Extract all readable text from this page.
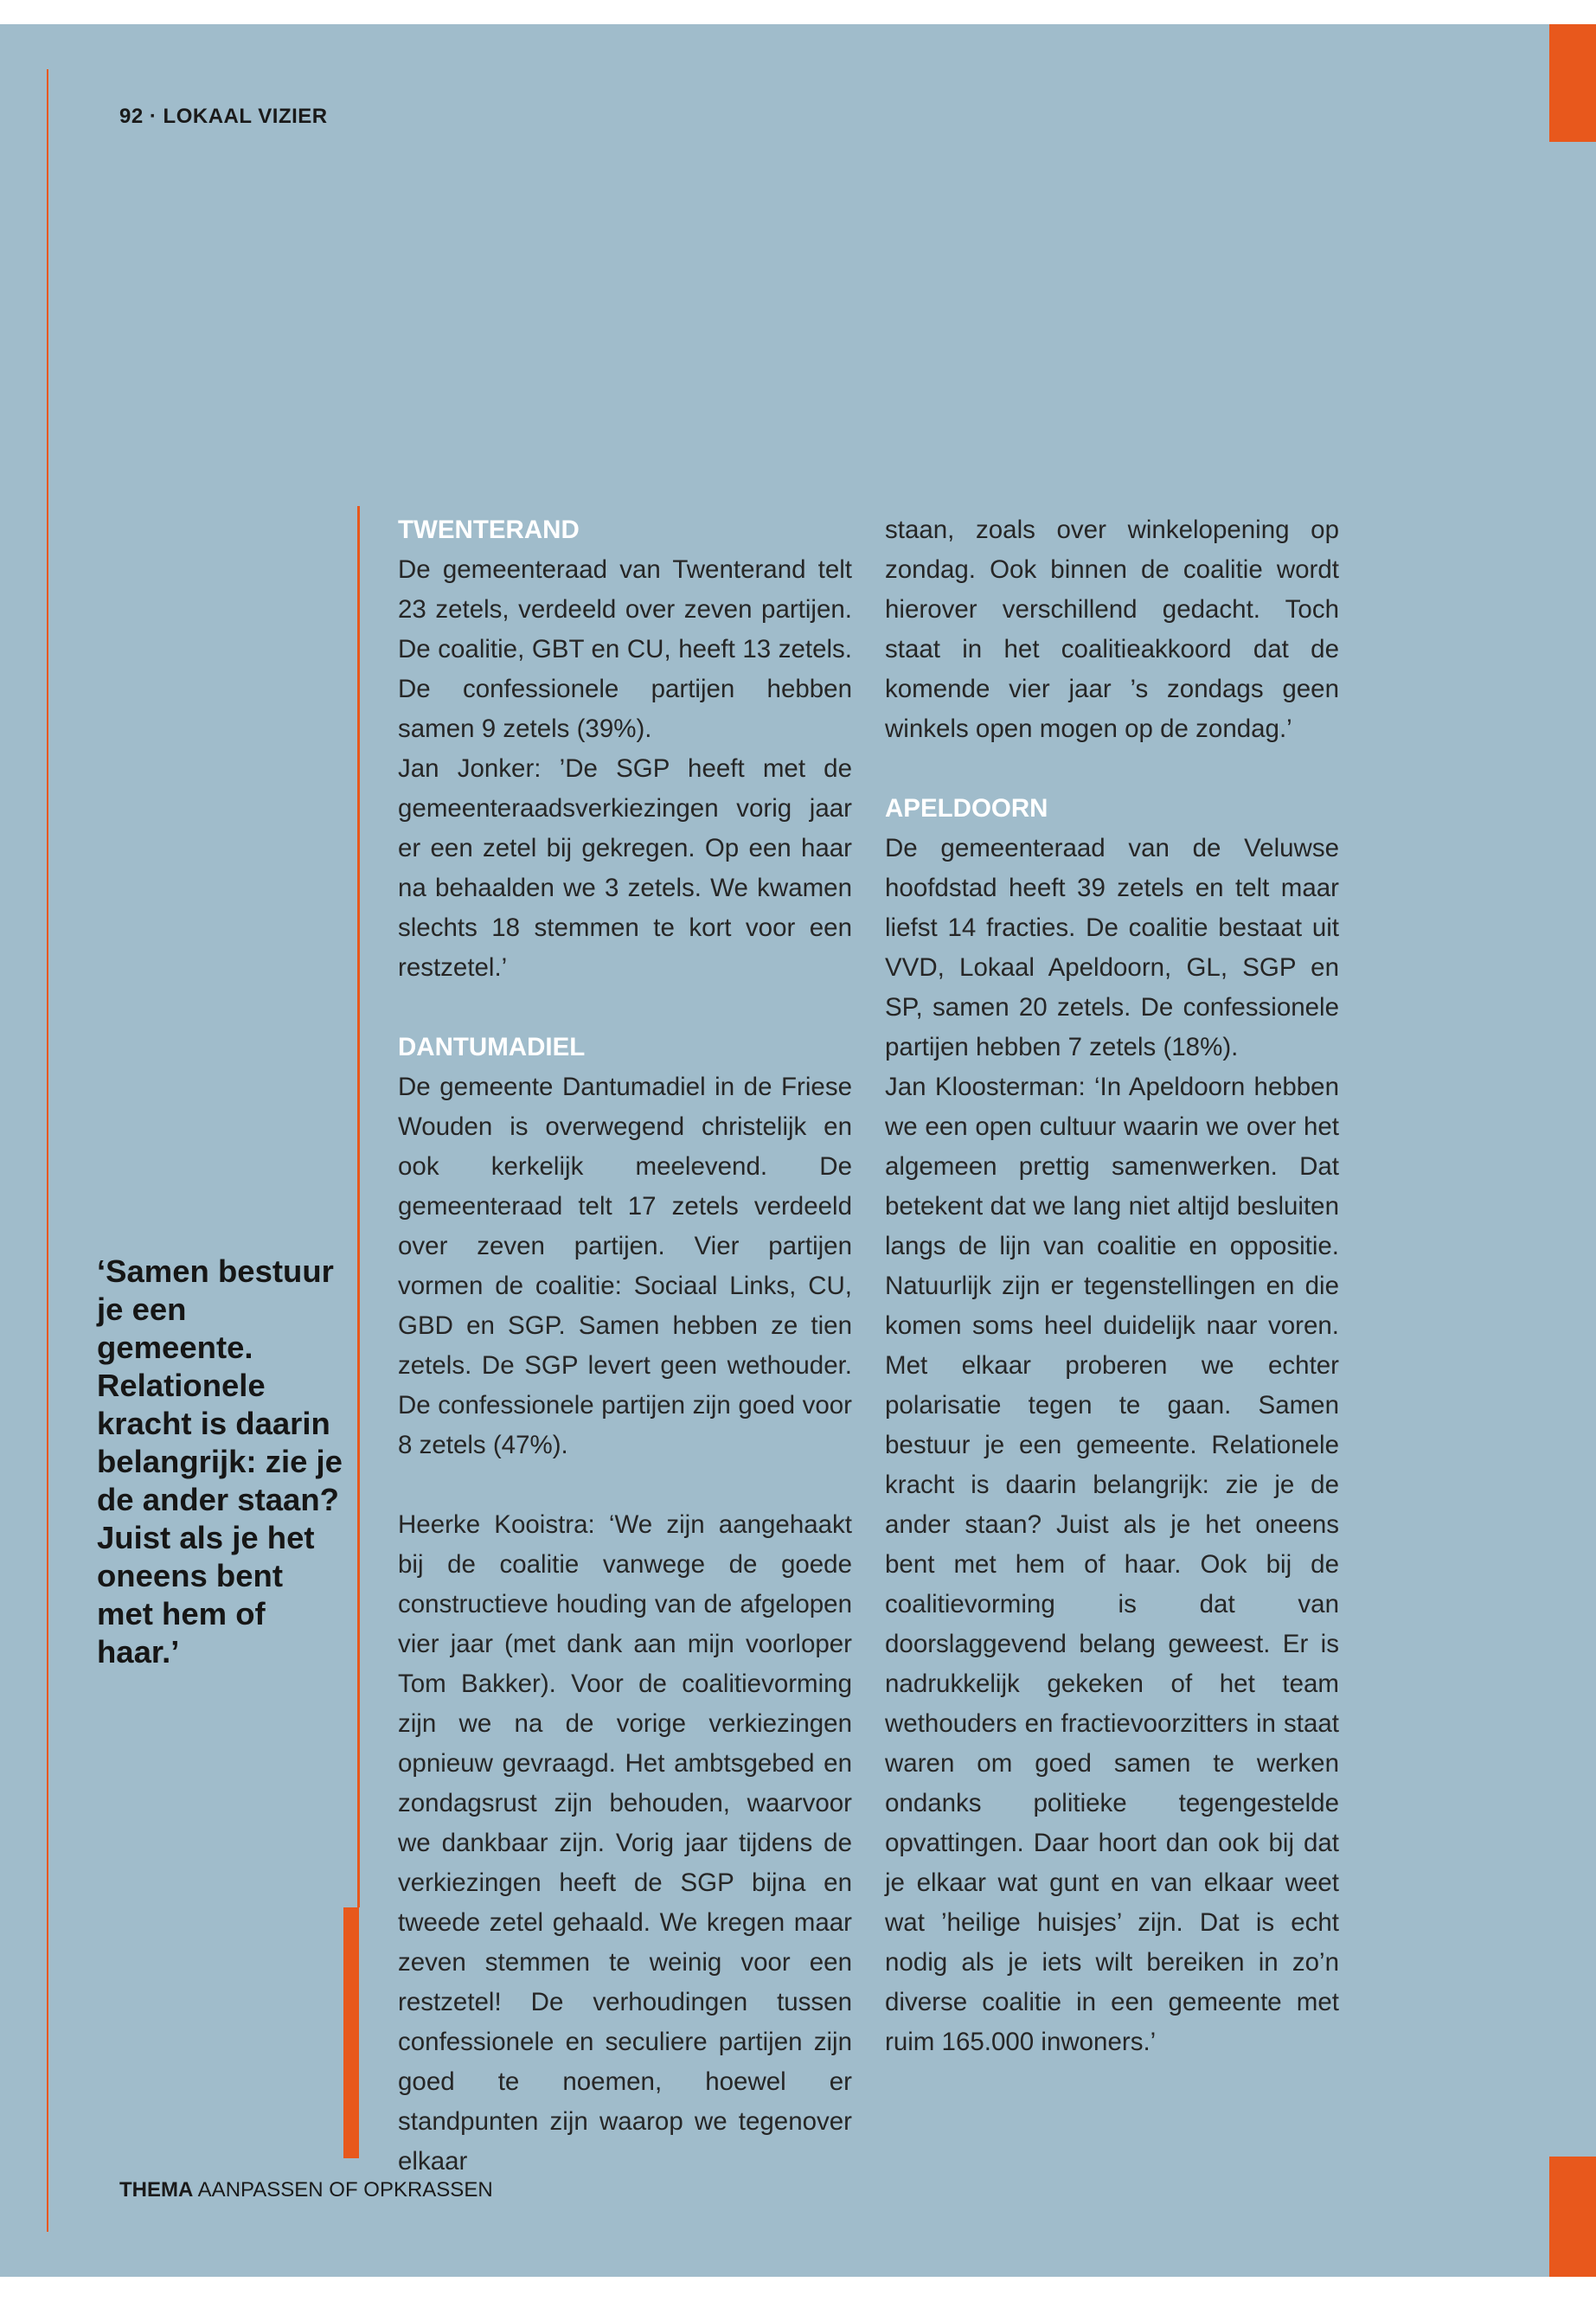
92 · LOKAAL VIZIER
‘Samen bestuur je een gemeente. Relationele kracht is daarin belangrijk: zie je de ander staan? Juist als je het oneens bent met hem of haar.’
TWENTERAND

De gemeenteraad van Twenterand telt 23 zetels, verdeeld over zeven partijen. De coalitie, GBT en CU, heeft 13 zetels. De confessionele partijen hebben samen 9 zetels (39%).

Jan Jonker: ’De SGP heeft met de gemeenteraadsverkiezingen vorig jaar er een zetel bij gekregen. Op een haar na behaalden we 3 zetels. We kwamen slechts 18 stemmen te kort voor een restzetel.’

DANTUMADIEL

De gemeente Dantumadiel in de Friese Wouden is overwegend christelijk en ook kerkelijk meelevend. De gemeenteraad telt 17 zetels verdeeld over zeven partijen. Vier partijen vormen de coalitie: Sociaal Links, CU, GBD en SGP. Samen hebben ze tien zetels. De SGP levert geen wethouder. De confessionele partijen zijn goed voor 8 zetels (47%).

Heerke Kooistra: ‘We zijn aangehaakt bij de coalitie vanwege de goede constructieve houding van de afgelopen vier jaar (met dank aan mijn voorloper Tom Bakker). Voor de coalitievorming zijn we na de vorige verkiezingen opnieuw gevraagd. Het ambtsgebed en zondagsrust zijn behouden, waarvoor we dankbaar zijn. Vorig jaar tijdens de verkiezingen heeft de SGP bijna en tweede zetel gehaald. We kregen maar zeven stemmen te weinig voor een restzetel! De verhoudingen tussen confessionele en seculiere partijen zijn goed te noemen, hoewel er standpunten zijn waarop we tegenover elkaar

staan, zoals over winkelopening op zondag. Ook binnen de coalitie wordt hierover verschillend gedacht. Toch staat in het coalitieakkoord dat de komende vier jaar ’s zondags geen winkels open mogen op de zondag.’

APELDOORN

De gemeenteraad van de Veluwse hoofdstad heeft 39 zetels en telt maar liefst 14 fracties. De coalitie bestaat uit VVD, Lokaal Apeldoorn, GL, SGP en SP, samen 20 zetels. De confessionele partijen hebben 7 zetels (18%).

Jan Kloosterman: ‘In Apeldoorn hebben we een open cultuur waarin we over het algemeen prettig samenwerken. Dat betekent dat we lang niet altijd besluiten langs de lijn van coalitie en oppositie. Natuurlijk zijn er tegenstellingen en die komen soms heel duidelijk naar voren. Met elkaar proberen we echter polarisatie tegen te gaan. Samen bestuur je een gemeente. Relationele kracht is daarin belangrijk: zie je de ander staan? Juist als je het oneens bent met hem of haar. Ook bij de coalitievorming is dat van doorslaggevend belang geweest. Er is nadrukkelijk gekeken of het team wethouders en fractievoorzitters in staat waren om goed samen te werken ondanks politieke tegengestelde opvattingen. Daar hoort dan ook bij dat je elkaar wat gunt en van elkaar weet wat ’heilige huisjes’ zijn. Dat is echt nodig als je iets wilt bereiken in zo’n diverse coalitie in een gemeente met ruim 165.000 inwoners.’

THEMA AANPASSEN OF OPKRASSEN
